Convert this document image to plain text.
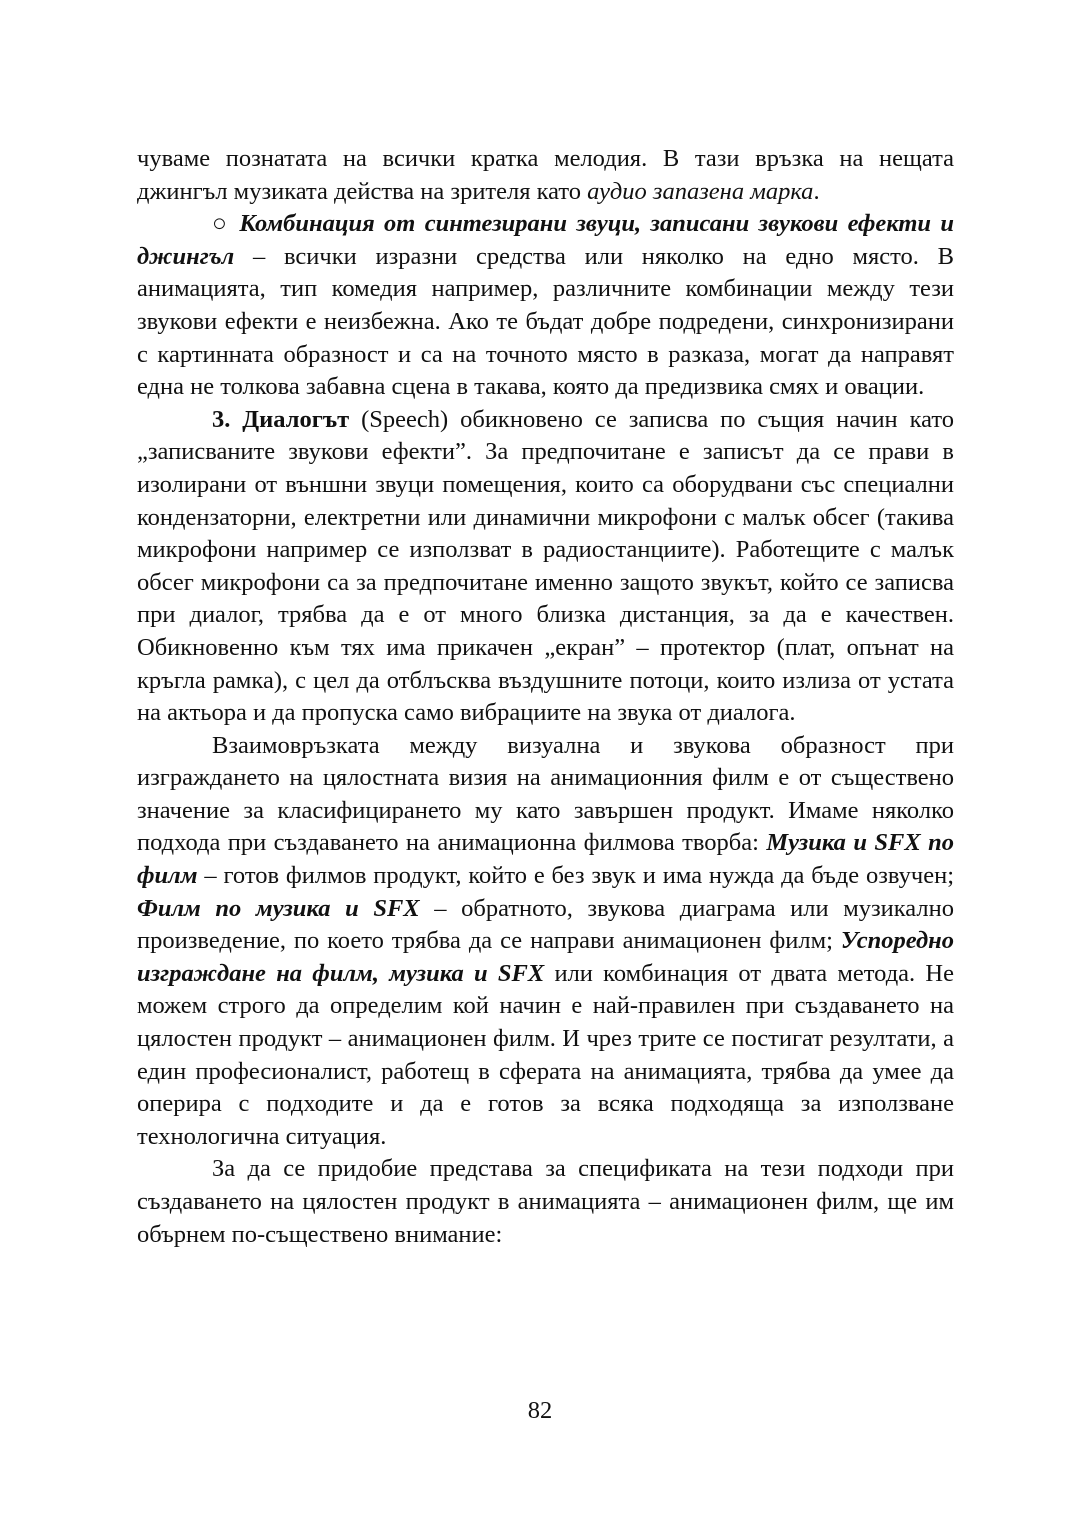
чуваме познатата на всички кратка мелодия. В тази връзка на нещата джингъл музиката действа на зрителя като аудио запазена марка.

○ Комбинация от синтезирани звуци, записани звукови ефекти и джингъл – всички изразни средства или няколко на едно място. В анимацията, тип комедия например, различните комбинации между тези звукови ефекти е неизбежна. Ако те бъдат добре подредени, синхронизирани с картинната образност и са на точното място в разказа, могат да направят една не толкова забавна сцена в такава, която да предизвика смях и овации.

3. Диалогът (Speech) обикновено се записва по същия начин като „записваните звукови ефекти”. За предпочитане е записът да се прави в изолирани от външни звуци помещения, които са оборудвани със специални кондензаторни, електретни или динамични микрофони с малък обсег (такива микрофони например се използват в радиостанциите). Работещите с малък обсег микрофони са за предпочитане именно защото звукът, който се записва при диалог, трябва да е от много близка дистанция, за да е качествен. Обикновенно към тях има прикачен „екран” – протектор (плат, опънат на кръгла рамка), с цел да отблъсква въздушните потоци, които излиза от устата на актьора и да пропуска само вибрациите на звука от диалога.

Взаимовръзката между визуална и звукова образност при изграждането на цялостната визия на анимационния филм е от съществено значение за класифицирането му като завършен продукт. Имаме няколко подхода при създаването на анимационна филмова творба: Музика и SFX по филм – готов филмов продукт, който е без звук и има нужда да бъде озвучен; Филм по музика и SFX – обратното, звукова диаграма или музикално произведение, по което трябва да се направи анимационен филм; Успоредно изграждане на филм, музика и SFX или комбинация от двата метода. Не можем строго да определим кой начин е най-правилен при създаването на цялостен продукт – анимационен филм. И чрез трите се постигат резултати, а един професионалист, работещ в сферата на анимацията, трябва да умее да оперира с подходите и да е готов за всяка подходяща за използване технологична ситуация.

За да се придобие представа за спецификата на тези подходи при създаването на цялостен продукт в анимацията – анимационен филм, ще им обърнем по-съществено внимание:

82
